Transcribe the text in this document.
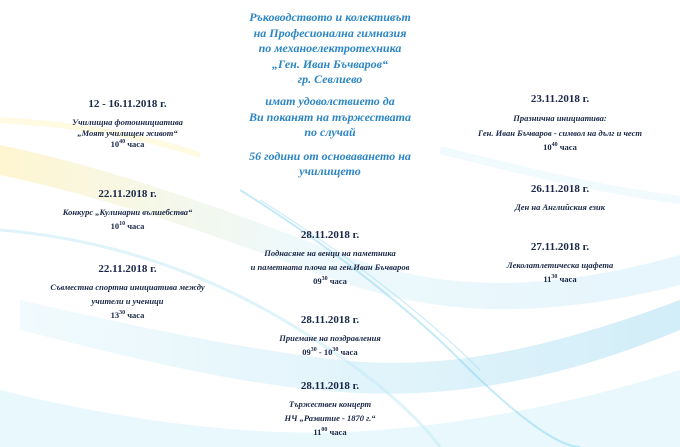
Ръководството и колективът
на Професионална гимназия
по механоелектротехника
„Ген. Иван Бъчваров“
гр. Севлиево
имат удоволствието да
Ви поканят на тържествата
по случай
56 години от основаването на
училището
12 - 16.11.2018 г.
Училищна фотоинициатива
„Моят училищен живот“
$10^{40}$ часа
22.11.2018 г.
Конкурс „Кулинарни вълшебства“
$10^{10}$ часа
22.11.2018 г.
Съвместна спортна инициатива между
учители и ученици
$13^{30}$ часа
28.11.2018 г.
Поднасяне на венци на паметника
и паметната плоча на ген.Иван Бъчваров
$09^{30}$ часа
28.11.2018 г.
Приемане на поздравления
$09^{30} - 10^{30}$ часа
28.11.2018 г.
Тържествен концерт
НЧ „Развитие - 1870 г.“
$11^{00}$ часа
23.11.2018 г.
Празнична инициатива:
Ген. Иван Бъчваров - символ на дълг и чест
$10^{40}$ часа
26.11.2018 г.
Ден на Английския език
27.11.2018 г.
Леколатлетическа щафета
$11^{30}$ часа
